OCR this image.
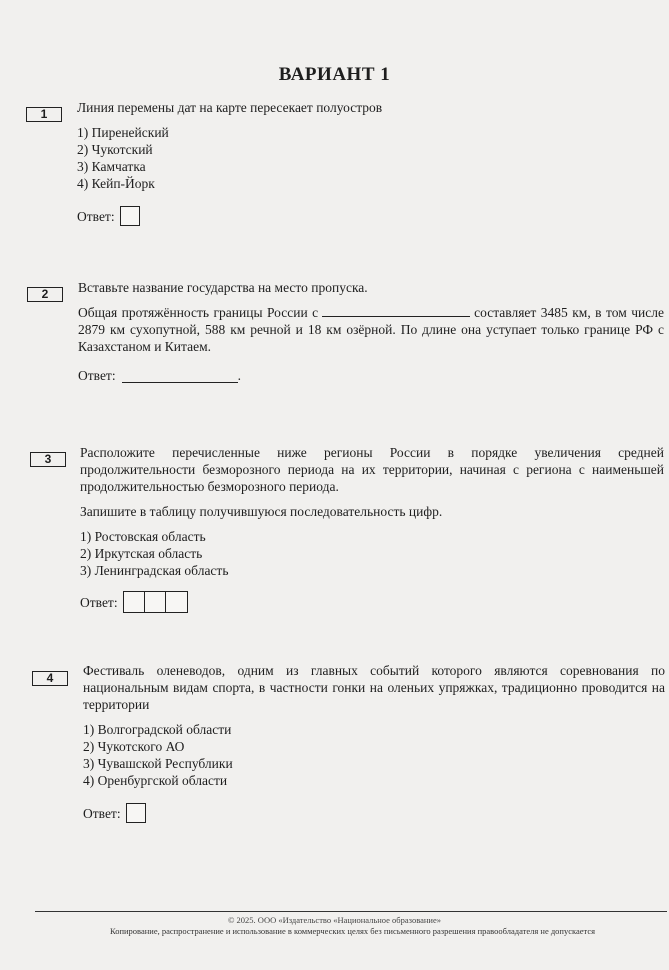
ВАРИАНТ 1
1	Линия перемены дат на карте пересекает полуостров
1) Пиренейский
2) Чукотский
3) Камчатка
4) Кейп-Йорк
Ответ:
2	Вставьте название государства на место пропуска.
Общая протяжённость границы России с	составляет 3485 км, в том числе 2879 км сухопутной, 588 км речной и 18 км озёрной. По длине она уступает только границе РФ с Казахстаном и Китаем.
Ответ:	.
3	Расположите перечисленные ниже регионы России в порядке увеличения средней продолжительности безморозного периода на их территории, начиная с региона с наименьшей продолжительностью безморозного периода.
Запишите в таблицу получившуюся последовательность цифр.
1) Ростовская область
2) Иркутская область
3) Ленинградская область
Ответ:
4	Фестиваль оленеводов, одним из главных событий которого являются соревнования по национальным видам спорта, в частности гонки на оленьих упряжках, традиционно проводится на территории
1) Волгоградской области
2) Чукотского АО
3) Чувашской Республики
4) Оренбургской области
Ответ:
© 2025. ООО «Издательство «Национальное образование»
Копирование, распространение и использование в коммерческих целях без письменного разрешения правообладателя не допускается
